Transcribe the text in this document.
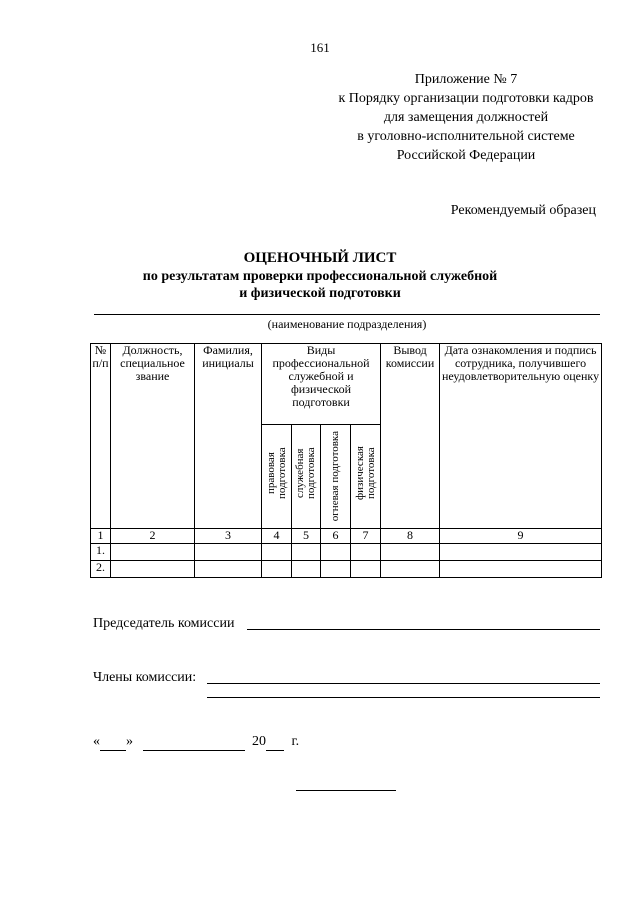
161
Приложение № 7
к Порядку организации подготовки кадров
для замещения должностей
в уголовно-исполнительной системе
Российской Федерации
Рекомендуемый образец
ОЦЕНОЧНЫЙ ЛИСТ
по результатам проверки профессиональной служебной
и физической подготовки
(наименование подразделения)
№ п/п	Должность, специальное звание	Фамилия, инициалы	Виды профессиональной служебной и физической подготовки				Вывод комиссии	Дата ознакомления и подпись сотрудника, получившего неудовлетворительную оценку
			правовая подготовка	служебная подготовка	огневая подготовка	физическая подготовка		
1	2	3	4	5	6	7	8	9
1.								
2.								
Председатель комиссии
Члены комиссии:
« »	20 г.
